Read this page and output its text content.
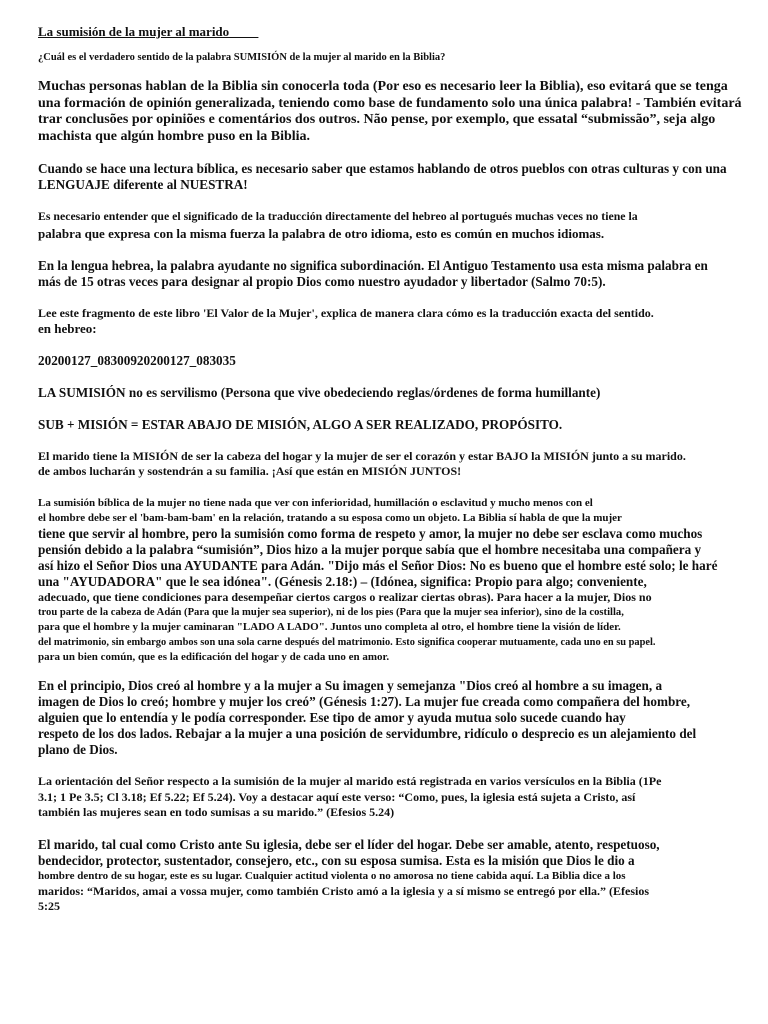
La sumisión de la mujer al marido
¿Cuál es el verdadero sentido de la palabra SUMISIÓN de la mujer al marido en la Biblia?

Muchas personas hablan de la Biblia sin conocerla toda (Por eso es necesario leer la Biblia), eso evitará que se tenga
una formación de opinión generalizada, teniendo como base de fundamento solo una única palabra! - También evitará
trar conclusões por opiniões e comentários dos outros. Não pense, por exemplo, que essatal “submissão”, seja algo
machista que algún hombre puso en la Biblia.

Cuando se hace una lectura bíblica, es necesario saber que estamos hablando de otros pueblos con otras culturas y con una
LENGUAJE diferente al NUESTRA!

Es necesario entender que el significado de la traducción directamente del hebreo al portugués muchas veces no tiene la
palabra que expresa con la misma fuerza la palabra de otro idioma, esto es común en muchos idiomas.

En la lengua hebrea, la palabra ayudante no significa subordinación. El Antiguo Testamento usa esta misma palabra en
más de 15 otras veces para designar al propio Dios como nuestro ayudador y libertador (Salmo 70:5).

Lee este fragmento de este libro 'El Valor de la Mujer', explica de manera clara cómo es la traducción exacta del sentido.
en hebreo:

20200127_08300920200127_083035

LA SUMISIÓN no es servilismo (Persona que vive obedeciendo reglas/órdenes de forma humillante)

SUB + MISIÓN = ESTAR ABAJO DE MISIÓN, ALGO A SER REALIZADO, PROPÓSITO.

El marido tiene la MISIÓN de ser la cabeza del hogar y la mujer de ser el corazón y estar BAJO la MISIÓN junto a su marido.
de ambos lucharán y sostendrán a su familia. ¡Así que están en MISIÓN JUNTOS!

La sumisión bíblica de la mujer no tiene nada que ver con inferioridad, humillación o esclavitud y mucho menos con el
el hombre debe ser el 'bam-bam-bam' en la relación, tratando a su esposa como un objeto. La Biblia sí habla de que la mujer
tiene que servir al hombre, pero la sumisión como forma de respeto y amor, la mujer no debe ser esclava como muchos
pensión debido a la palabra “sumisión”, Dios hizo a la mujer porque sabía que el hombre necesitaba una compañera y
así hizo el Señor Dios una AYUDANTE para Adán. "Dijo más el Señor Dios: No es bueno que el hombre esté solo; le haré
una "AYUDADORA" que le sea idónea". (Génesis 2.18:) – (Idónea, significa: Propio para algo; conveniente,
adecuado, que tiene condiciones para desempeñar ciertos cargos o realizar ciertas obras). Para hacer a la mujer, Dios no
trou parte de la cabeza de Adán (Para que la mujer sea superior), ni de los pies (Para que la mujer sea inferior), sino de la costilla,
para que el hombre y la mujer caminaran "LADO A LADO". Juntos uno completa al otro, el hombre tiene la visión de líder.
del matrimonio, sin embargo ambos son una sola carne después del matrimonio. Esto significa cooperar mutuamente, cada uno en su papel.
para un bien común, que es la edificación del hogar y de cada uno en amor.

En el principio, Dios creó al hombre y a la mujer a Su imagen y semejanza "Dios creó al hombre a su imagen, a
imagen de Dios lo creó; hombre y mujer los creó” (Génesis 1:27). La mujer fue creada como compañera del hombre,
alguien que lo entendía y le podía corresponder. Ese tipo de amor y ayuda mutua solo sucede cuando hay
respeto de los dos lados. Rebajar a la mujer a una posición de servidumbre, ridículo o desprecio es un alejamiento del
plano de Dios.

La orientación del Señor respecto a la sumisión de la mujer al marido está registrada en varios versículos en la Biblia (1Pe
3.1; 1 Pe 3.5; Cl 3.18; Ef 5.22; Ef 5.24). Voy a destacar aquí este verso: “Como, pues, la iglesia está sujeta a Cristo, así
también las mujeres sean en todo sumisas a su marido.” (Efesios 5.24)

El marido, tal cual como Cristo ante Su iglesia, debe ser el líder del hogar. Debe ser amable, atento, respetuoso,
bendecidor, protector, sustentador, consejero, etc., con su esposa sumisa. Esta es la misión que Dios le dio a
hombre dentro de su hogar, este es su lugar. Cualquier actitud violenta o no amorosa no tiene cabida aquí. La Biblia dice a los
maridos: “Maridos, amai a vossa mujer, como también Cristo amó a la iglesia y a sí mismo se entregó por ella.” (Efesios
5:25
